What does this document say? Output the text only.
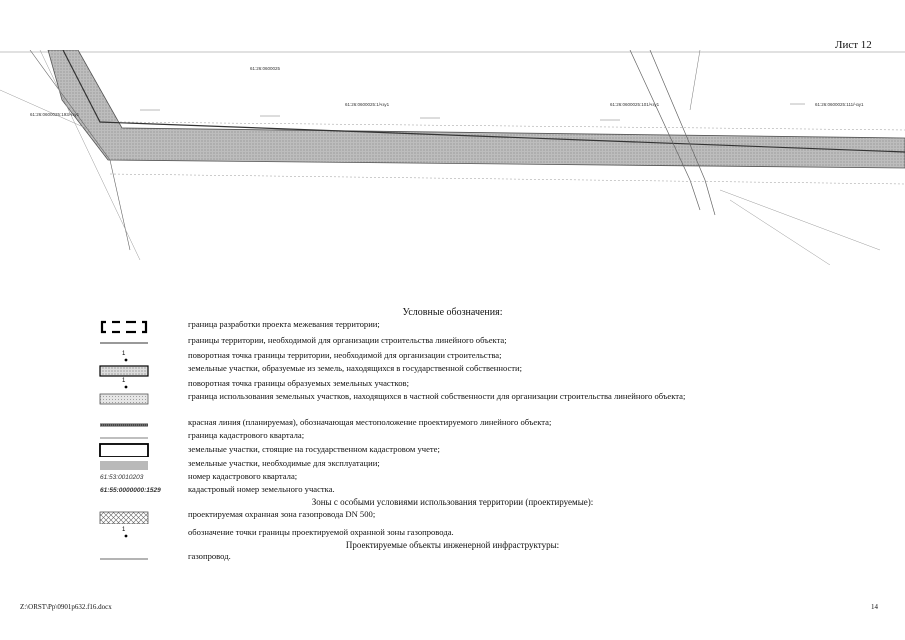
Лист 12
61:26:0600025
61:26:0600025:193/чзу1
61:26:0600025:1/чзу1	61:26:0600025:101/чзу1	61:26:0600025:111/чзу1
Условные обозначения:
граница разработки проекта межевания территории;
границы территории, необходимой для организации строительства линейного объекта;
1	поворотная точка границы территории, необходимой для организации строительства;
земельные участки, образуемые из земель, находящихся в государственной собственности;
1	поворотная точка границы образуемых земельных участков;
граница использования земельных участков, находящихся в частной собственности для организации строительства линейного объекта;
красная линия (планируемая), обозначающая местоположение проектируемого линейного объекта;
граница кадастрового квартала;
земельные участки, стоящие на государственном кадастровом учете;
земельные участки, необходимые для эксплуатации;
61:53:0010203	номер кадастрового квартала;
61:55:0000000:1529	кадастровый номер земельного участка.
Зоны с особыми условиями использования территории (проектируемые):
проектируемая охранная зона газопровода DN 500;
1	обозначение точки границы проектируемой охранной зоны газопровода.
Проектируемые объекты инженерной инфраструктуры:
газопровод.
Z:\ОRST\Pp\0901p632.f16.docx	14
